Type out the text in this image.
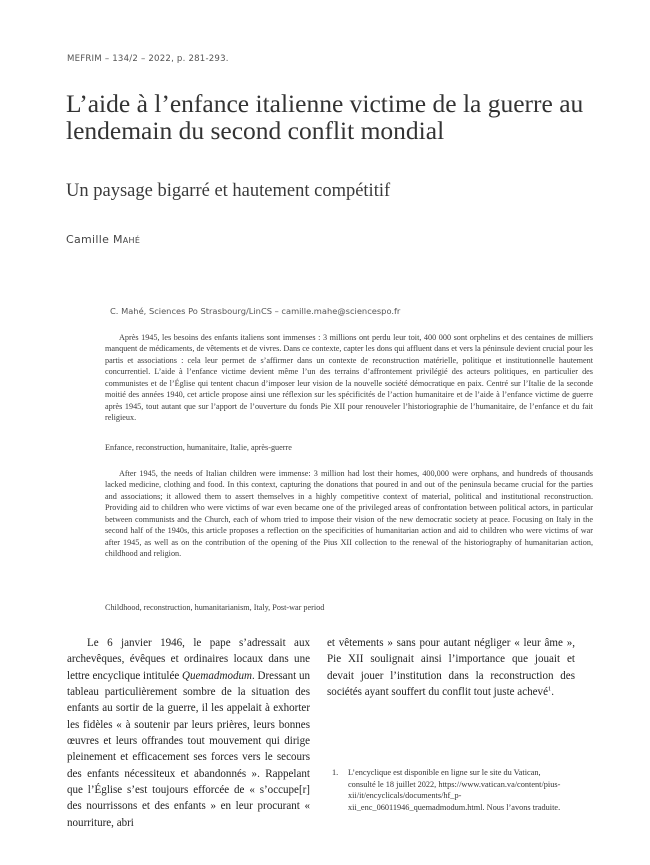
MEFRIM – 134/2 – 2022, p. 281-293.
L’aide à l’enfance italienne victime de la guerre au lendemain du second conflit mondial
Un paysage bigarré et hautement compétitif
Camille Mahé
C. Mahé, Sciences Po Strasbourg/LinCS – camille.mahe@sciencespo.fr

Après 1945, les besoins des enfants italiens sont immenses : 3 millions ont perdu leur toit, 400 000 sont orphelins et des centaines de milliers manquent de médicaments, de vêtements et de vivres. Dans ce contexte, capter les dons qui affluent dans et vers la péninsule devient crucial pour les partis et associations : cela leur permet de s’affirmer dans un contexte de reconstruction matérielle, politique et institutionnelle hautement concurrentiel. L’aide à l’enfance victime devient même l’un des terrains d’affrontement privilégié des acteurs politiques, en particulier des communistes et de l’Église qui tentent chacun d’imposer leur vision de la nouvelle société démocratique en paix. Centré sur l’Italie de la seconde moitié des années 1940, cet article propose ainsi une réflexion sur les spécificités de l’action humanitaire et de l’aide à l’enfance victime de guerre après 1945, tout autant que sur l’apport de l’ouverture du fonds Pie XII pour renouveler l’historiographie de l’humanitaire, de l’enfance et du fait religieux.

Enfance, reconstruction, humanitaire, Italie, après-guerre

After 1945, the needs of Italian children were immense: 3 million had lost their homes, 400,000 were orphans, and hundreds of thousands lacked medicine, clothing and food. In this context, capturing the donations that poured in and out of the peninsula became crucial for the parties and associations; it allowed them to assert themselves in a highly competitive context of material, political and institutional reconstruction. Providing aid to children who were victims of war even became one of the privileged areas of confrontation between political actors, in particular between communists and the Church, each of whom tried to impose their vision of the new democratic society at peace. Focusing on Italy in the second half of the 1940s, this article proposes a reflection on the specificities of humanitarian action and aid to children who were victims of war after 1945, as well as on the contribution of the opening of the Pius XII collection to the renewal of the historiography of humanitarian action, childhood and religion.

Childhood, reconstruction, humanitarianism, Italy, Post-war period

Le 6 janvier 1946, le pape s’adressait aux archevêques, évêques et ordinaires locaux dans une lettre encyclique intitulée Quemadmodum. Dressant un tableau particulièrement sombre de la situation des enfants au sortir de la guerre, il les appelait à exhorter les fidèles « à soutenir par leurs prières, leurs bonnes œuvres et leurs offrandes tout mouvement qui dirige pleinement et efficacement ses forces vers le secours des enfants nécessiteux et abandonnés ». Rappelant que l’Église s’est toujours efforcée de « s’occupe[r] des nourrissons et des enfants » en leur procurant « nourriture, abri

et vêtements » sans pour autant négliger « leur âme », Pie XII soulignait ainsi l’importance que jouait et devait jouer l’institution dans la reconstruction des sociétés ayant souffert du conflit tout juste achevé$^1$.

1.	L’encyclique est disponible en ligne sur le site du Vatican, consulté le 18 juillet 2022, https://www.vatican.va/content/pius-xii/it/encyclicals/documents/hf_p-xii_enc_06011946_quemadmodum.html. Nous l’avons traduite.
